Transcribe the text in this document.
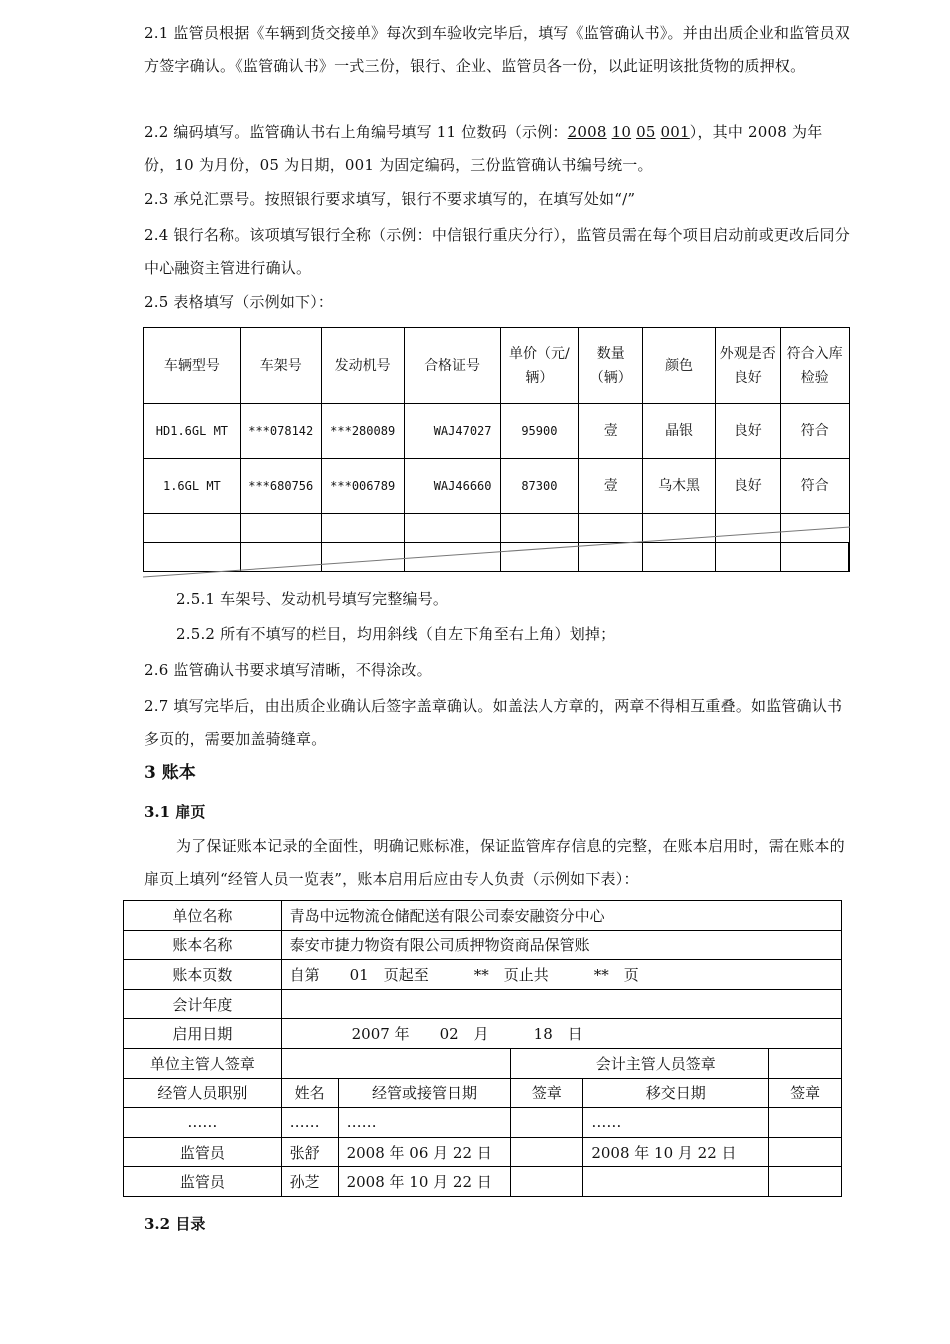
2.1 监管员根据《车辆到货交接单》每次到车验收完毕后，填写《监管确认书》。并由出质企业和监管员双方签字确认。《监管确认书》一式三份，银行、企业、监管员各一份，以此证明该批货物的质押权。
2.2 编码填写。监管确认书右上角编号填写 11 位数码（示例：2008 10 05 001），其中 2008 为年份，10 为月份，05 为日期，001 为固定编码，三份监管确认书编号统一。
2.3 承兑汇票号。按照银行要求填写，银行不要求填写的，在填写处如“/”
2.4 银行名称。该项填写银行全称（示例：中信银行重庆分行），监管员需在每个项目启动前或更改后同分中心融资主管进行确认。
2.5 表格填写（示例如下）：
车辆型号	车架号	发动机号	合格证号	单价（元/辆）	数量（辆）	颜色	外观是否良好	符合入库检验
HD1.6GL MT	***078142	***280089	WAJ47027	95900	壹	晶银	良好	符合
1.6GL MT	***680756	***006789	WAJ46660	87300	壹	乌木黑	良好	符合

2.5.1 车架号、发动机号填写完整编号。
2.5.2 所有不填写的栏目，均用斜线（自左下角至右上角）划掉；
2.6 监管确认书要求填写清晰，不得涂改。
2.7 填写完毕后，由出质企业确认后签字盖章确认。如盖法人方章的，两章不得相互重叠。如监管确认书多页的，需要加盖骑缝章。
3 账本
3.1 扉页
为了保证账本记录的全面性，明确记账标准，保证监管库存信息的完整，在账本启用时，需在账本的扉页上填列“经管人员一览表”，账本启用后应由专人负责（示例如下表）：
单位名称	青岛中远物流仓储配送有限公司泰安融资分中心				
账本名称	泰安市捷力物资有限公司质押物资商品保管账				
账本页数	自第　　01　页起至　　　**　页止共　　　**　页				
会计年度					
启用日期	2007 年　　02　月　　　18　日				
单位主管人签章			会计主管人员签章		
经管人员职别	姓名	经管或接管日期	签章	移交日期	签章
……	……	……		……	
监管员	张舒	2008 年 06 月 22 日		2008 年 10 月 22 日	
监管员	孙芝	2008 年 10 月 22 日			
3.2 目录
